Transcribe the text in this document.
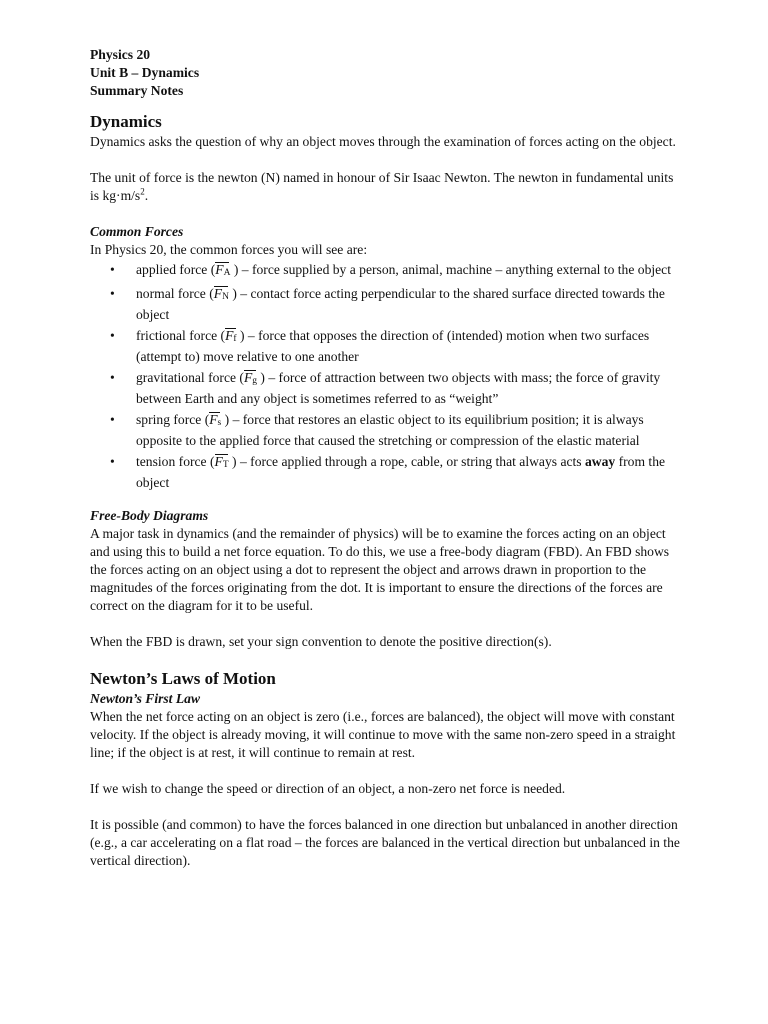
Physics 20
Unit B – Dynamics
Summary Notes
Dynamics

Dynamics asks the question of why an object moves through the examination of forces acting on the object.

The unit of force is the newton (N) named in honour of Sir Isaac Newton. The newton in fundamental units is $kg\cdot m/s^2$.

Common Forces

In Physics 20, the common forces you will see are:

• applied force (FA ) – force supplied by a person, animal, machine – anything external to the object
• normal force (FN ) – contact force acting perpendicular to the shared surface directed towards the object
• frictional force (Ff ) – force that opposes the direction of (intended) motion when two surfaces (attempt to) move relative to one another
• gravitational force (Fg ) – force of attraction between two objects with mass; the force of gravity between Earth and any object is sometimes referred to as “weight”
• spring force (Fs ) – force that restores an elastic object to its equilibrium position; it is always opposite to the applied force that caused the stretching or compression of the elastic material
• tension force (FT ) – force applied through a rope, cable, or string that always acts away from the object
Free-Body Diagrams

A major task in dynamics (and the remainder of physics) will be to examine the forces acting on an object and using this to build a net force equation. To do this, we use a free-body diagram (FBD). An FBD shows the forces acting on an object using a dot to represent the object and arrows drawn in proportion to the magnitudes of the forces originating from the dot. It is important to ensure the directions of the forces are correct on the diagram for it to be useful.

When the FBD is drawn, set your sign convention to denote the positive direction(s).

Newton’s Laws of Motion
Newton’s First Law

When the net force acting on an object is zero (i.e., forces are balanced), the object will move with constant velocity. If the object is already moving, it will continue to move with the same non-zero speed in a straight line; if the object is at rest, it will continue to remain at rest.

If we wish to change the speed or direction of an object, a non-zero net force is needed.

It is possible (and common) to have the forces balanced in one direction but unbalanced in another direction (e.g., a car accelerating on a flat road – the forces are balanced in the vertical direction but unbalanced in the vertical direction).
